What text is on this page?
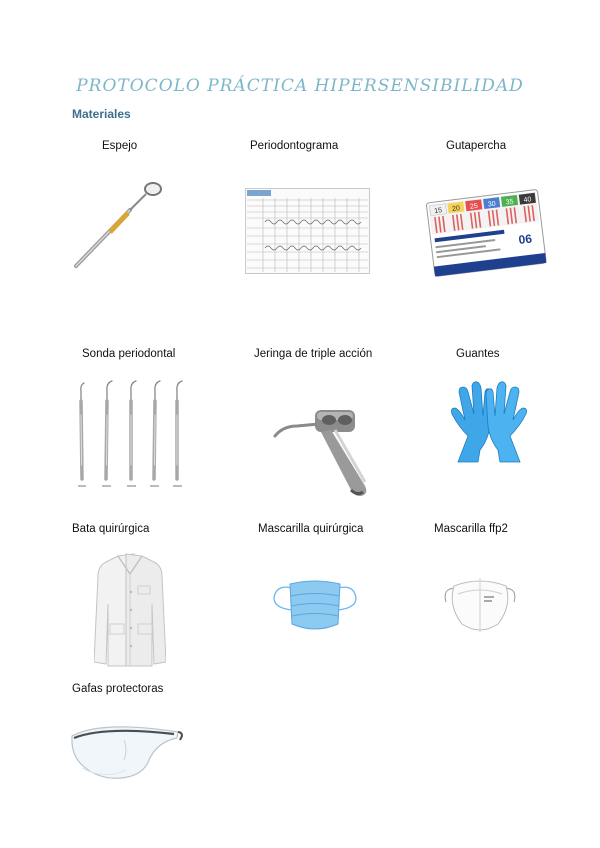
PROTOCOLO PRÁCTICA HIPERSENSIBILIDAD
Materiales
Espejo	Periodontograma	Gutapercha
15 20 25 30 35 40
06
Sonda periodontal	Jeringa de triple acción	Guantes
Bata quirúrgica	Mascarilla quirúrgica	Mascarilla ffp2
Gafas protectoras
